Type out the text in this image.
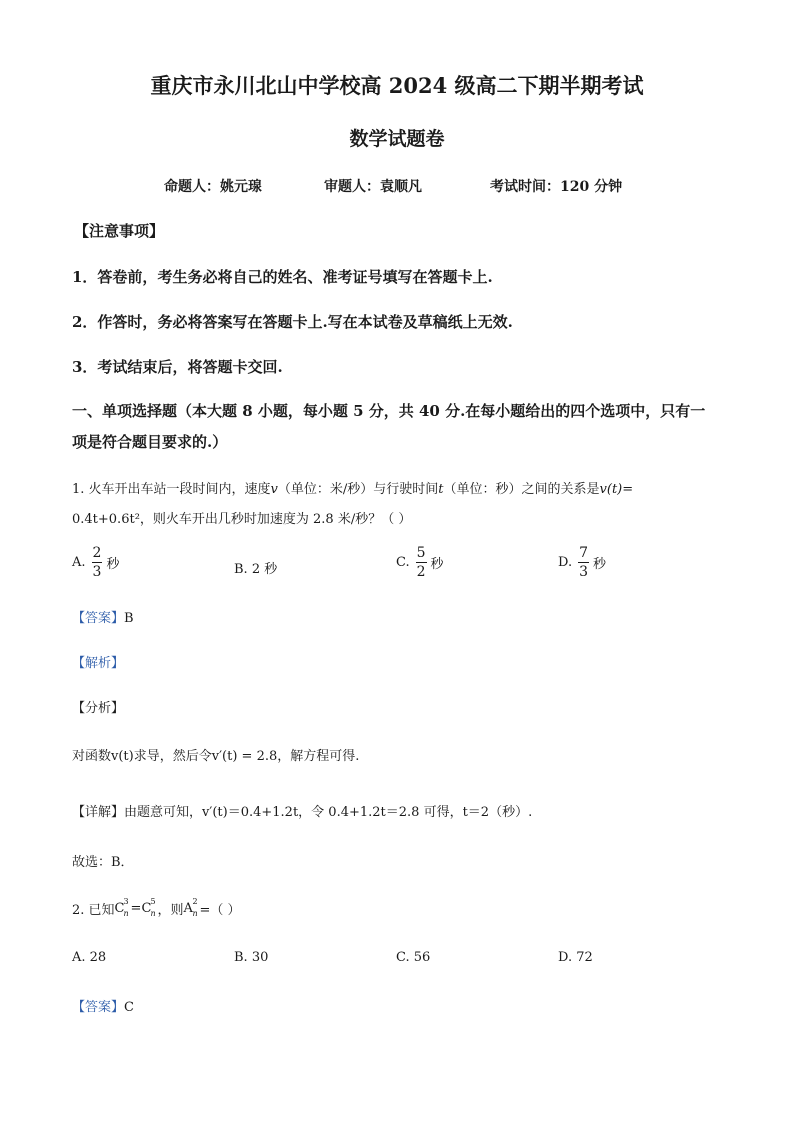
重庆市永川北山中学校高 2024 级高二下期半期考试
数学试题卷
命题人：姚元瑔	审题人：袁顺凡	考试时间：120 分钟
【注意事项】
1．答卷前，考生务必将自己的姓名、准考证号填写在答题卡上.
2．作答时，务必将答案写在答题卡上.写在本试卷及草稿纸上无效.
3．考试结束后，将答题卡交回.
一、单项选择题（本大题 8 小题，每小题 5 分，共 40 分.在每小题给出的四个选项中，只有一
项是符合题目要求的.）
1. 火车开出车站一段时间内，速度v（单位：米/秒）与行驶时间t（单位：秒）之间的关系是v(t)=
0.4t+0.6t²，则火车开出几秒时加速度为 2.8 米/秒？（ ）
A. $\frac{2}{3}$ 秒	B. 2 秒	C. $\frac{5}{2}$ 秒	D. $\frac{7}{3}$ 秒
【答案】B
【解析】
【分析】
对函数v(t)求导，然后令v′(t) = 2.8，解方程可得.
【详解】由题意可知，v′(t)＝0.4+1.2t，令 0.4+1.2t＝2.8 可得，t＝2（秒）.
故选：B．
2. 已知 C 3
n = C 5
n ，则 A 2
n =（ ）
A. 28	B. 30	C. 56	D. 72
【答案】C
